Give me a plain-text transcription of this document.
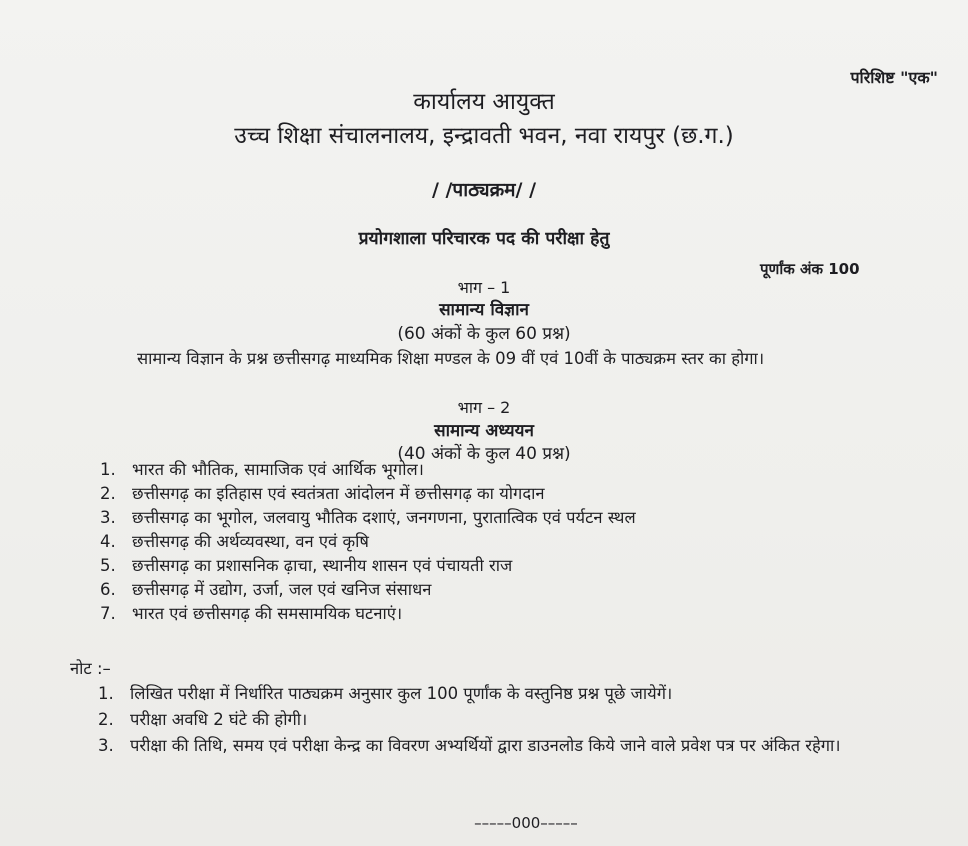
परिशिष्ट "एक"
कार्यालय आयुक्त
उच्च शिक्षा संचालनालय, इन्द्रावती भवन, नवा रायपुर (छ.ग.)
/ /पाठ्यक्रम/ /
प्रयोगशाला परिचारक पद की परीक्षा हेतु
पूर्णांक अंक 100
भाग – 1
सामान्य विज्ञान
(60 अंकों के कुल 60 प्रश्न)
सामान्य विज्ञान के प्रश्न छत्तीसगढ़ माध्यमिक शिक्षा मण्डल के 09 वीं एवं 10वीं के पाठ्यक्रम स्तर का होगा।
भाग – 2
सामान्य अध्ययन
(40 अंकों के कुल 40 प्रश्न)
1. भारत की भौतिक, सामाजिक एवं आर्थिक भूगोल।
2. छत्तीसगढ़ का इतिहास एवं स्वतंत्रता आंदोलन में छत्तीसगढ़ का योगदान
3. छत्तीसगढ़ का भूगोल, जलवायु भौतिक दशाएं, जनगणना, पुरातात्विक एवं पर्यटन स्थल
4. छत्तीसगढ़ की अर्थव्यवस्था, वन एवं कृषि
5. छत्तीसगढ़ का प्रशासनिक ढ़ाचा, स्थानीय शासन एवं पंचायती राज
6. छत्तीसगढ़ में उद्योग, उर्जा, जल एवं खनिज संसाधन
7. भारत एवं छत्तीसगढ़ की समसामयिक घटनाएं।
नोट :–
1. लिखित परीक्षा में निर्धारित पाठ्यक्रम अनुसार कुल 100 पूर्णांक के वस्तुनिष्ठ प्रश्न पूछे जायेगें।
2. परीक्षा अवधि 2 घंटे की होगी।
3. परीक्षा की तिथि, समय एवं परीक्षा केन्द्र का विवरण अभ्यर्थियों द्वारा डाउनलोड किये जाने वाले प्रवेश पत्र पर अंकित रहेगा।
–––––000–––––
